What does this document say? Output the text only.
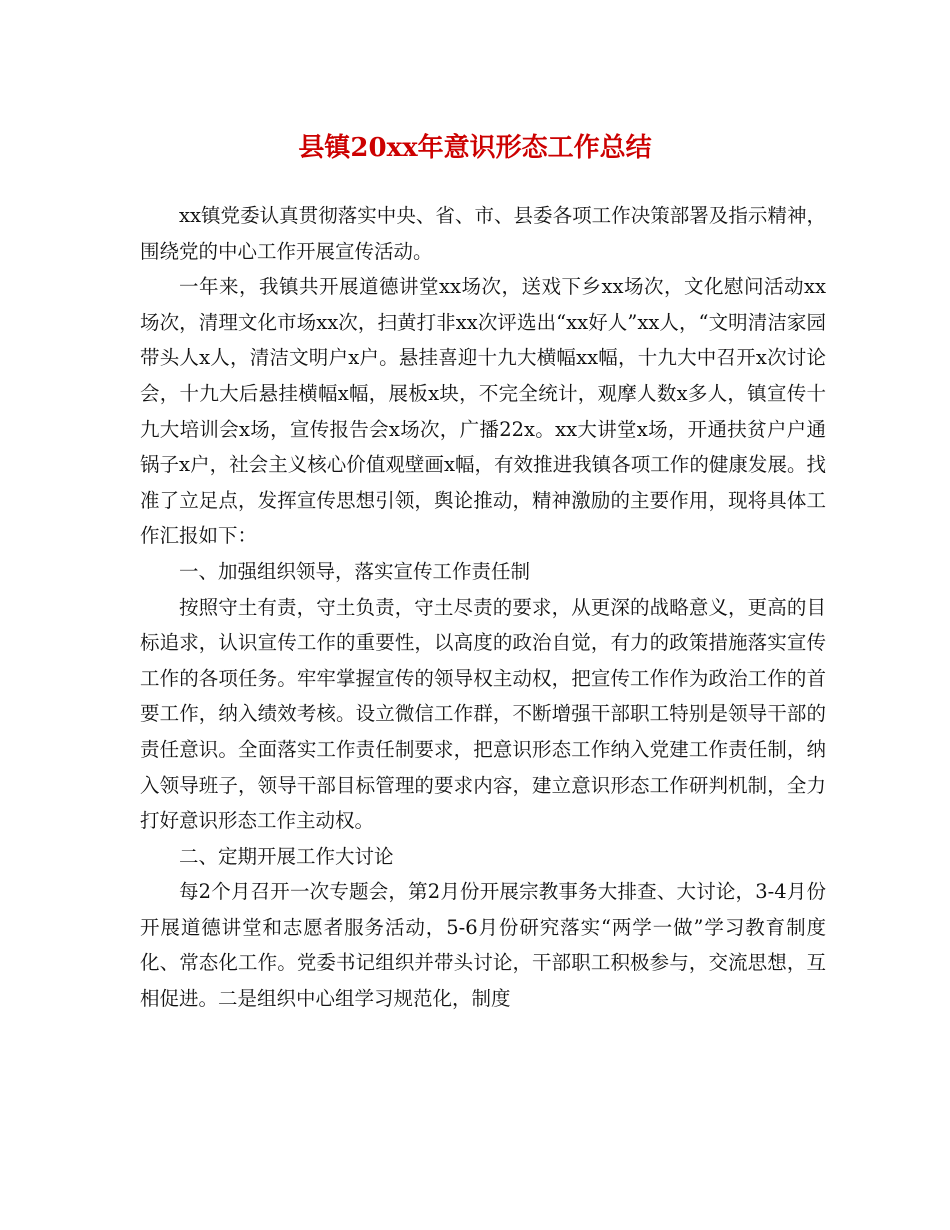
县镇20xx年意识形态工作总结

xx镇党委认真贯彻落实中央、省、市、县委各项工作决策部署及指示精神，围绕党的中心工作开展宣传活动。

一年来，我镇共开展道德讲堂xx场次，送戏下乡xx场次，文化慰问活动xx场次，清理文化市场xx次，扫黄打非xx次评选出“xx好人”xx人，“文明清洁家园带头人x人，清洁文明户x户。悬挂喜迎十九大横幅xx幅，十九大中召开x次讨论会，十九大后悬挂横幅x幅，展板x块，不完全统计，观摩人数x多人，镇宣传十九大培训会x场，宣传报告会x场次，广播22x。xx大讲堂x场，开通扶贫户户通锅子x户，社会主义核心价值观壁画x幅，有效推进我镇各项工作的健康发展。找准了立足点，发挥宣传思想引领，舆论推动，精神激励的主要作用，现将具体工作汇报如下：

一、加强组织领导，落实宣传工作责任制

按照守土有责，守土负责，守土尽责的要求，从更深的战略意义，更高的目标追求，认识宣传工作的重要性，以高度的政治自觉，有力的政策措施落实宣传工作的各项任务。牢牢掌握宣传的领导权主动权，把宣传工作作为政治工作的首要工作，纳入绩效考核。设立微信工作群，不断增强干部职工特别是领导干部的责任意识。全面落实工作责任制要求，把意识形态工作纳入党建工作责任制，纳入领导班子，领导干部目标管理的要求内容，建立意识形态工作研判机制，全力打好意识形态工作主动权。

二、定期开展工作大讨论

每2个月召开一次专题会，第2月份开展宗教事务大排查、大讨论，3-4月份开展道德讲堂和志愿者服务活动，5-6月份研究落实“两学一做”学习教育制度化、常态化工作。党委书记组织并带头讨论，干部职工积极参与，交流思想，互相促进。二是组织中心组学习规范化，制度
